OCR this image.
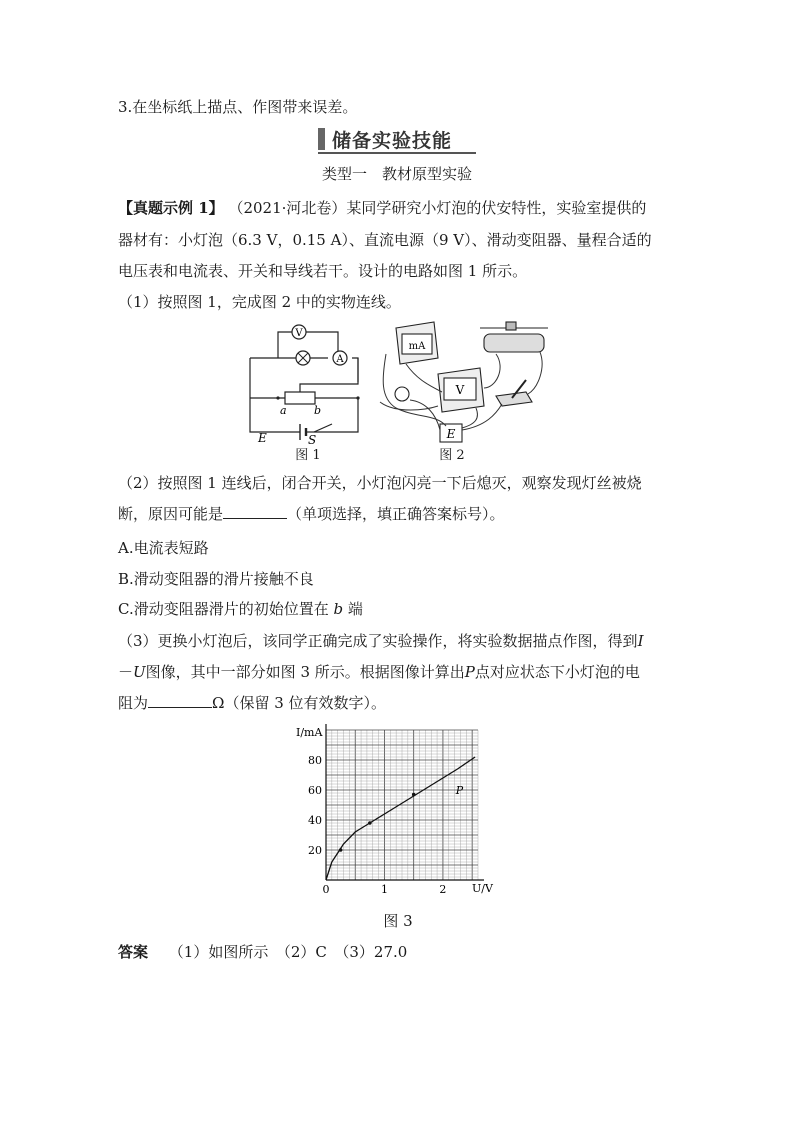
3.在坐标纸上描点、作图带来误差。
储备实验技能
类型一　教材原型实验
【真题示例 1】 （2021·河北卷）某同学研究小灯泡的伏安特性，实验室提供的
器材有：小灯泡（6.3 V，0.15 A）、直流电源（9 V）、滑动变阻器、量程合适的
电压表和电流表、开关和导线若干。设计的电路如图 1 所示。
（1）按照图 1，完成图 2 中的实物连线。
V
A
a b
E	S
图 1
mA
V
E
图 2
（2）按照图 1 连线后，闭合开关，小灯泡闪亮一下后熄灭，观察发现灯丝被烧
断，原因可能是	（单项选择，填正确答案标号）。
A.电流表短路
B.滑动变阻器的滑片接触不良
C.滑动变阻器滑片的初始位置在 b 端
（3）更换小灯泡后，该同学正确完成了实验操作，将实验数据描点作图，得到I
－U图像，其中一部分如图 3 所示。根据图像计算出P点对应状态下小灯泡的电
阻为	Ω（保留 3 位有效数字）。
0	1	2
20
40
60
80
I/mA
U/V
P
图 3
答案 （1）如图所示　（2）C　（3）27.0
